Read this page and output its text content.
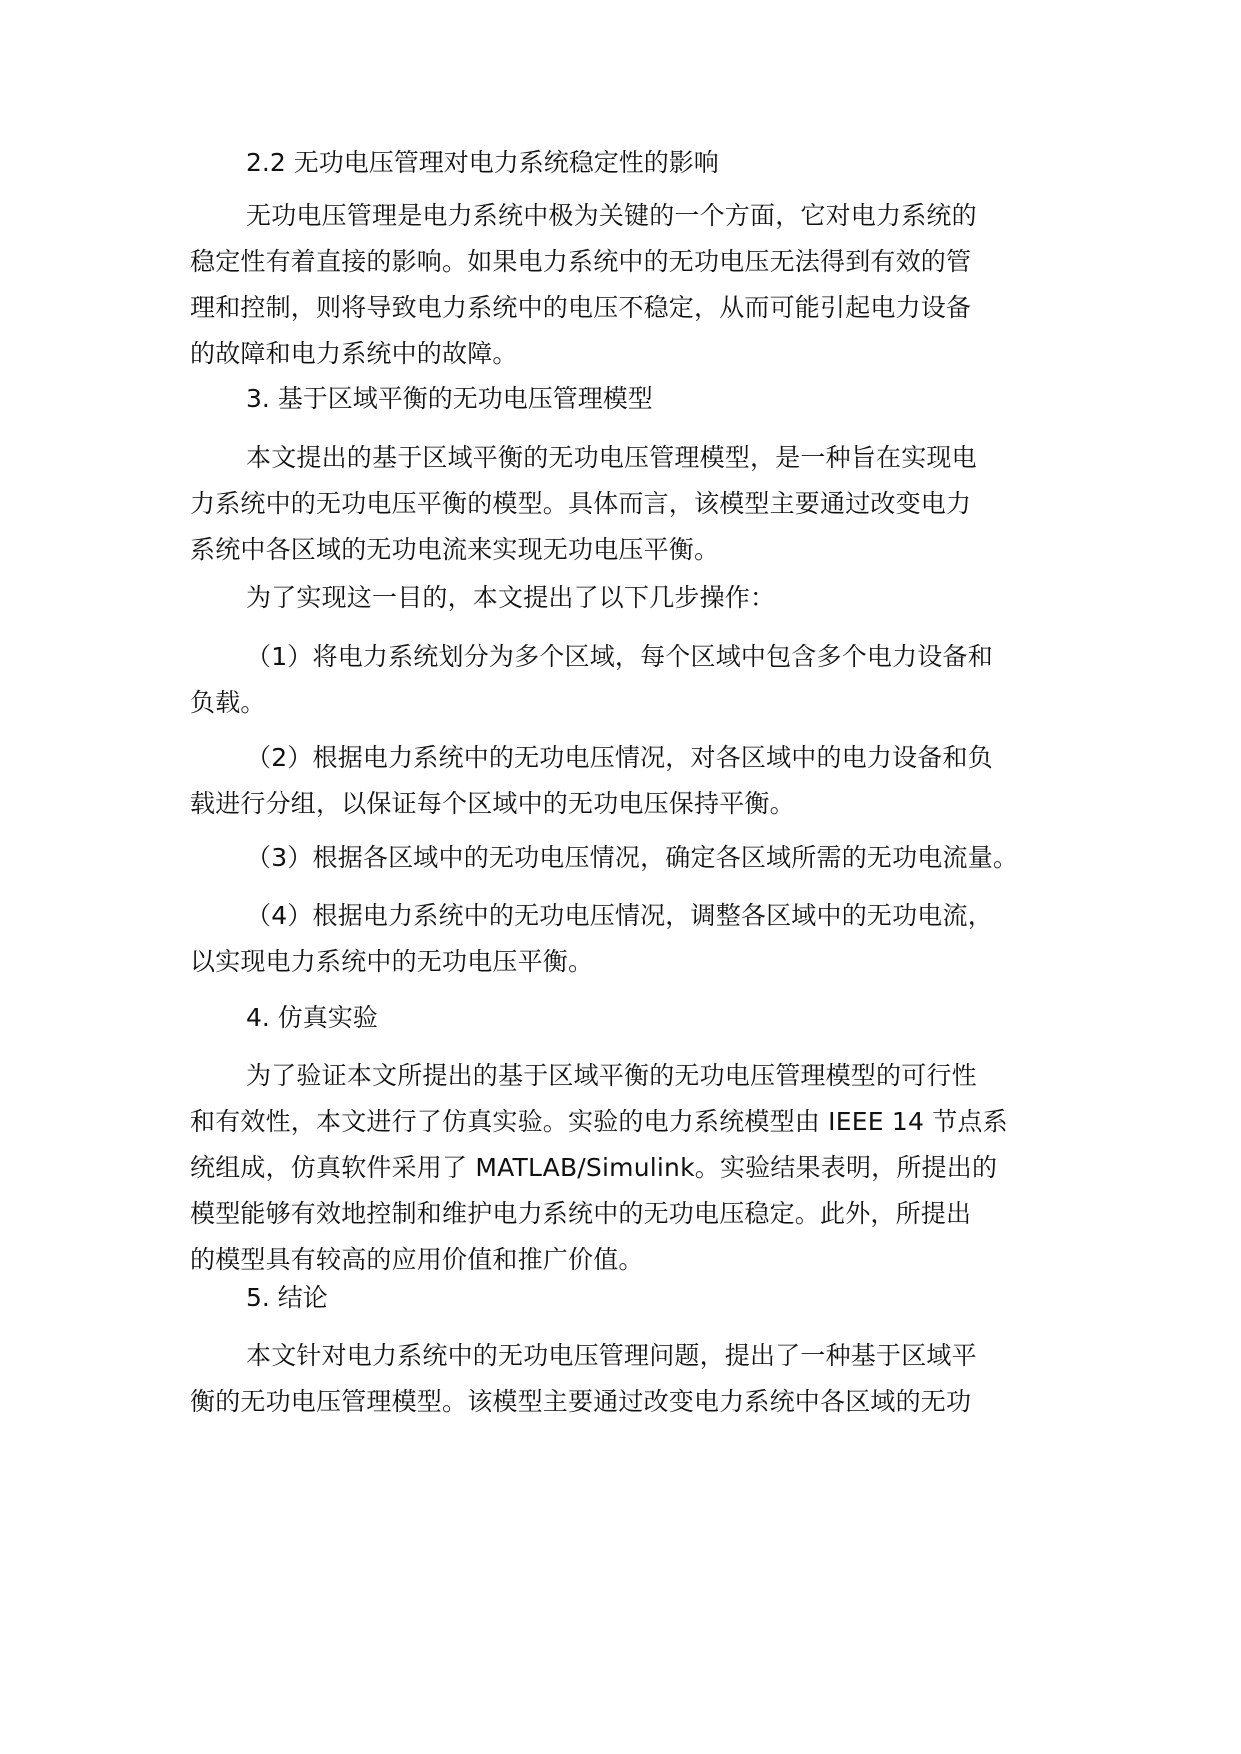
2.2 无功电压管理对电力系统稳定性的影响

无功电压管理是电力系统中极为关键的一个方面，它对电力系统的
稳定性有着直接的影响。如果电力系统中的无功电压无法得到有效的管
理和控制，则将导致电力系统中的电压不稳定，从而可能引起电力设备
的故障和电力系统中的故障。

3. 基于区域平衡的无功电压管理模型

本文提出的基于区域平衡的无功电压管理模型，是一种旨在实现电
力系统中的无功电压平衡的模型。具体而言，该模型主要通过改变电力
系统中各区域的无功电流来实现无功电压平衡。
为了实现这一目的，本文提出了以下几步操作：
（1）将电力系统划分为多个区域，每个区域中包含多个电力设备和
负载。
（2）根据电力系统中的无功电压情况，对各区域中的电力设备和负
载进行分组，以保证每个区域中的无功电压保持平衡。
（3）根据各区域中的无功电压情况，确定各区域所需的无功电流量。
（4）根据电力系统中的无功电压情况，调整各区域中的无功电流，
以实现电力系统中的无功电压平衡。

4. 仿真实验

为了验证本文所提出的基于区域平衡的无功电压管理模型的可行性
和有效性，本文进行了仿真实验。实验的电力系统模型由 IEEE 14 节点系
统组成，仿真软件采用了 MATLAB/Simulink。实验结果表明，所提出的
模型能够有效地控制和维护电力系统中的无功电压稳定。此外，所提出
的模型具有较高的应用价值和推广价值。

5. 结论

本文针对电力系统中的无功电压管理问题，提出了一种基于区域平
衡的无功电压管理模型。该模型主要通过改变电力系统中各区域的无功
